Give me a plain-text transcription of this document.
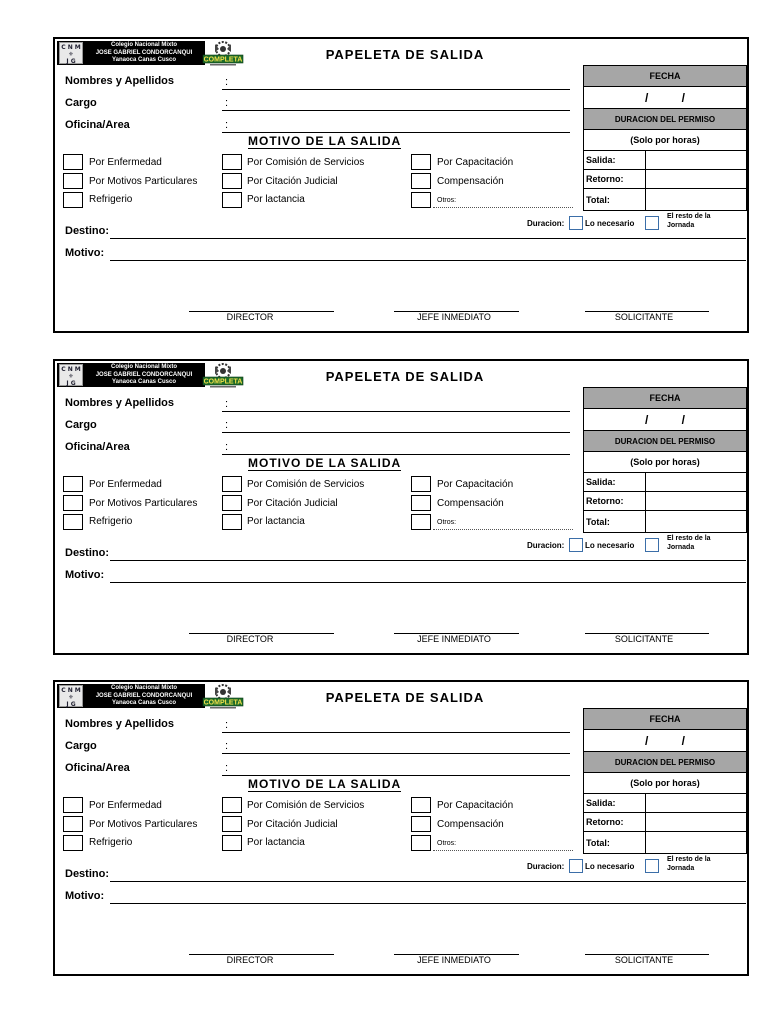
C N M
⚜
J G
Colegio Nacional Mixto
JOSE GABRIEL CONDORCANQUI
Yanaoca Canas Cusco	COMPLETA	PAPELETA DE SALIDA
Nombres y Apellidos	:
Cargo	:
Oficina/Area	:
MOTIVO DE LA SALIDA
Por Enfermedad
Por Motivos Particulares
Refrigerio
Por Comisión de Servicios
Por Citación Judicial
Por lactancia
Por Capacitación
Compensación
Otros:
FECHA
/          /
DURACION DEL PERMISO
(Solo por horas)
Salida:
Retorno:
Total:
Duracion:	Lo necesario
El resto de la
Jornada
Destino:
Motivo:
DIRECTOR	JEFE INMEDIATO	SOLICITANTE
C N M
⚜
J G
Colegio Nacional Mixto
JOSE GABRIEL CONDORCANQUI
Yanaoca Canas Cusco	COMPLETA	PAPELETA DE SALIDA
Nombres y Apellidos	:
Cargo	:
Oficina/Area	:
MOTIVO DE LA SALIDA
Por Enfermedad
Por Motivos Particulares
Refrigerio
Por Comisión de Servicios
Por Citación Judicial
Por lactancia
Por Capacitación
Compensación
Otros:
FECHA
/          /
DURACION DEL PERMISO
(Solo por horas)
Salida:
Retorno:
Total:
Duracion:	Lo necesario
El resto de la
Jornada
Destino:
Motivo:
DIRECTOR	JEFE INMEDIATO	SOLICITANTE
C N M
⚜
J G
Colegio Nacional Mixto
JOSE GABRIEL CONDORCANQUI
Yanaoca Canas Cusco	COMPLETA	PAPELETA DE SALIDA
Nombres y Apellidos	:
Cargo	:
Oficina/Area	:
MOTIVO DE LA SALIDA
Por Enfermedad
Por Motivos Particulares
Refrigerio
Por Comisión de Servicios
Por Citación Judicial
Por lactancia
Por Capacitación
Compensación
Otros:
FECHA
/          /
DURACION DEL PERMISO
(Solo por horas)
Salida:
Retorno:
Total:
Duracion:	Lo necesario
El resto de la
Jornada
Destino:
Motivo:
DIRECTOR	JEFE INMEDIATO	SOLICITANTE
